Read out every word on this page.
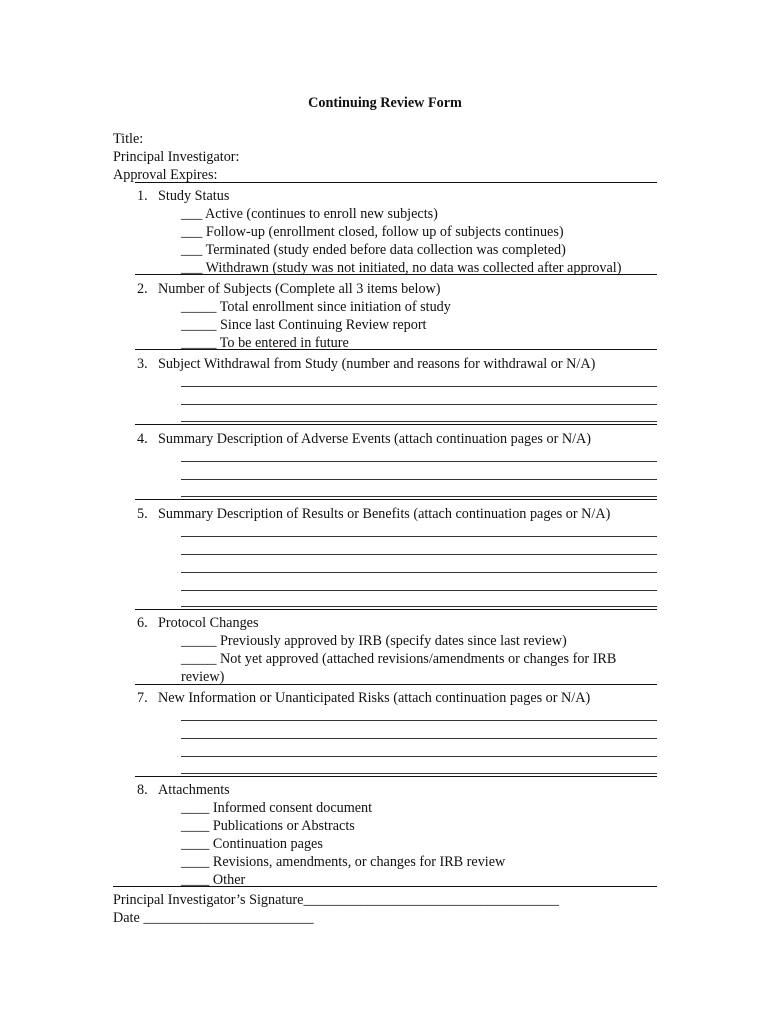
Continuing Review Form
Title:
Principal Investigator:
Approval Expires:
1. Study Status
___ Active (continues to enroll new subjects)
___ Follow-up (enrollment closed, follow up of subjects continues)
___ Terminated (study ended before data collection was completed)
___ Withdrawn (study was not initiated, no data was collected after approval)
2. Number of Subjects (Complete all 3 items below)
_____ Total enrollment since initiation of study
_____ Since last Continuing Review report
_____ To be entered in future
3. Subject Withdrawal from Study (number and reasons for withdrawal or N/A)
4. Summary Description of Adverse Events (attach continuation pages or N/A)
5. Summary Description of Results or Benefits (attach continuation pages or N/A)
6. Protocol Changes
_____ Previously approved by IRB (specify dates since last review)
_____ Not yet approved (attached revisions/amendments or changes for IRB
review)
7. New Information or Unanticipated Risks (attach continuation pages or N/A)
8. Attachments
____ Informed consent document
____ Publications or Abstracts
____ Continuation pages
____ Revisions, amendments, or changes for IRB review
____ Other
Principal Investigator’s Signature____________________________________
Date ________________________
